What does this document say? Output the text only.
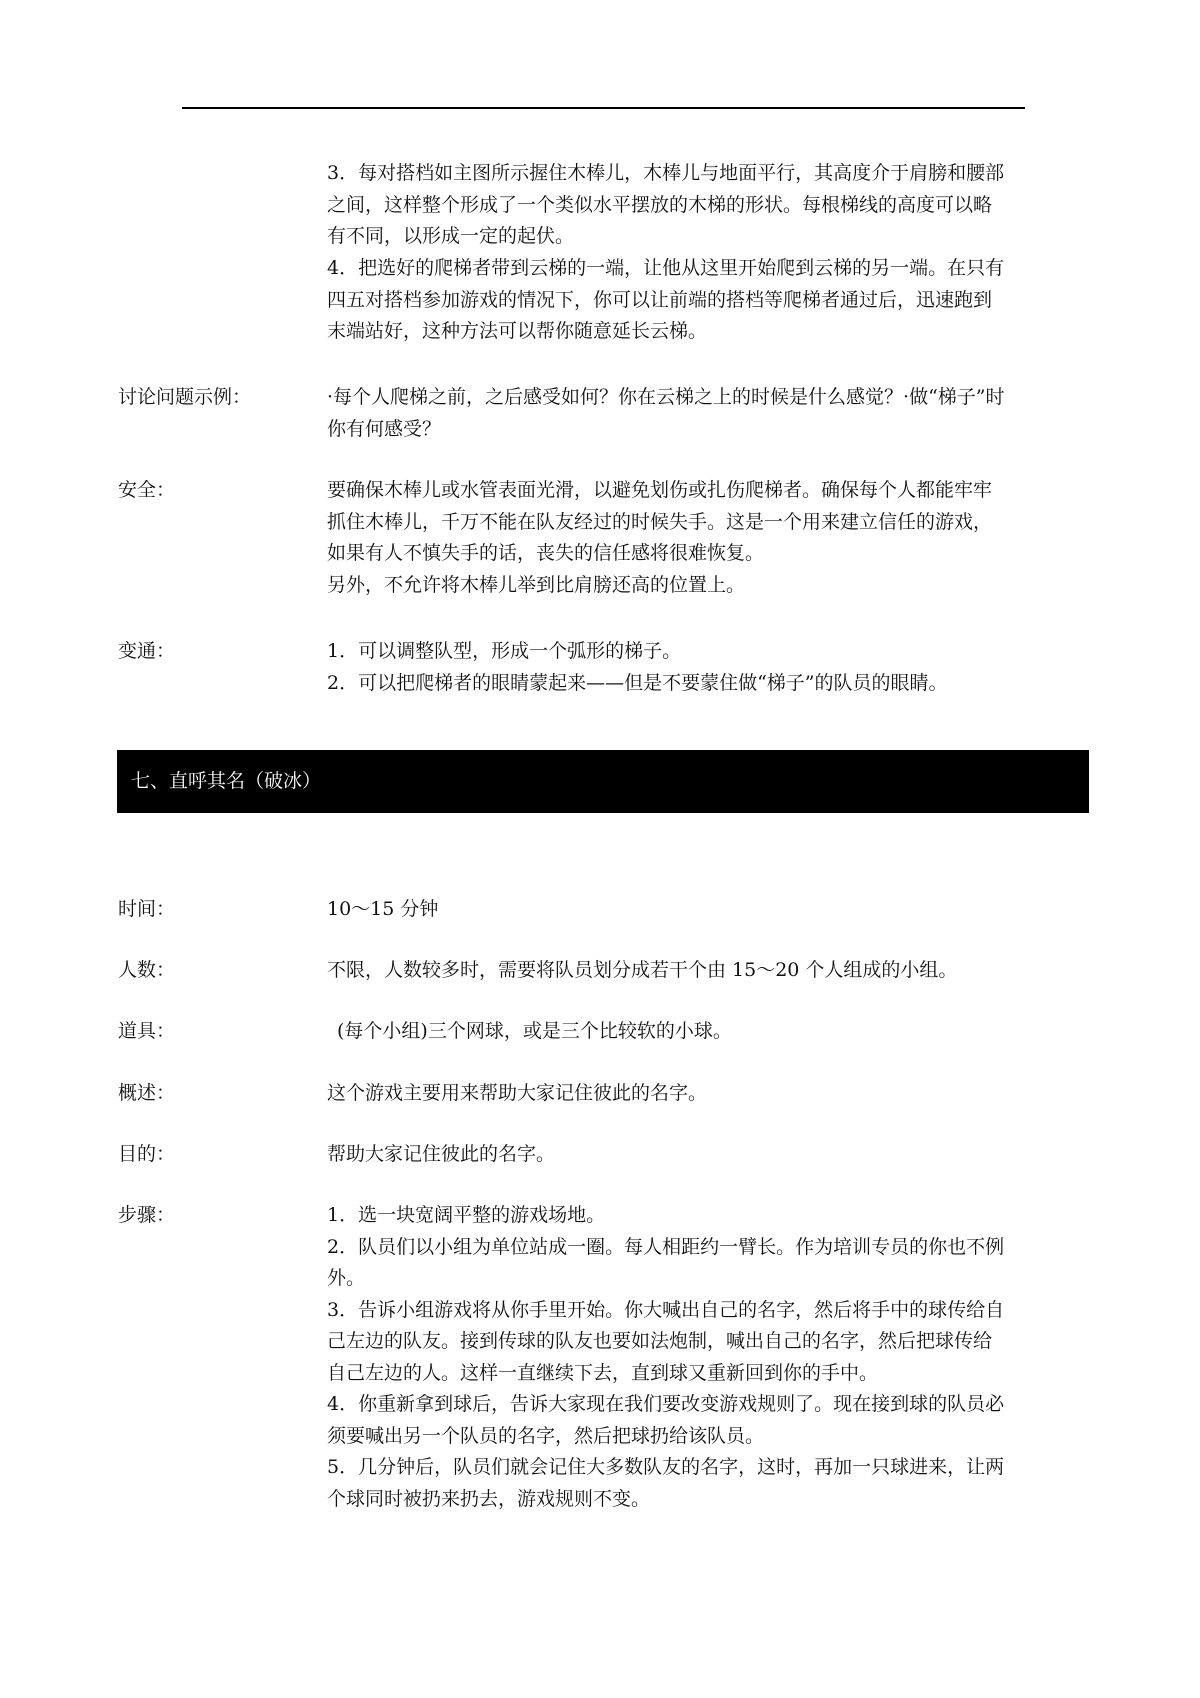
3．每对搭档如主图所示握住木棒儿，木棒儿与地面平行，其高度介于肩膀和腰部
之间，这样整个形成了一个类似水平摆放的木梯的形状。每根梯线的高度可以略
有不同，以形成一定的起伏。
4．把选好的爬梯者带到云梯的一端，让他从这里开始爬到云梯的另一端。在只有
四五对搭档参加游戏的情况下，你可以让前端的搭档等爬梯者通过后，迅速跑到
末端站好，这种方法可以帮你随意延长云梯。
讨论问题示例：	·每个人爬梯之前，之后感受如何？你在云梯之上的时候是什么感觉？·做“梯子”时
你有何感受？
安全：	要确保木棒儿或水管表面光滑，以避免划伤或扎伤爬梯者。确保每个人都能牢牢
抓住木棒儿，千万不能在队友经过的时候失手。这是一个用来建立信任的游戏，
如果有人不慎失手的话，丧失的信任感将很难恢复。
另外，不允许将木棒儿举到比肩膀还高的位置上。
变通：	1．可以调整队型，形成一个弧形的梯子。
2．可以把爬梯者的眼睛蒙起来——但是不要蒙住做“梯子”的队员的眼睛。
七、直呼其名（破冰）
时间：	10～15 分钟
人数：	不限，人数较多时，需要将队员划分成若干个由 15～20 个人组成的小组。
道具：	(每个小组)三个网球，或是三个比较软的小球。
概述：	这个游戏主要用来帮助大家记住彼此的名字。
目的：	帮助大家记住彼此的名字。
步骤：	1．选一块宽阔平整的游戏场地。
2．队员们以小组为单位站成一圈。每人相距约一臂长。作为培训专员的你也不例
外。
3．告诉小组游戏将从你手里开始。你大喊出自己的名字，然后将手中的球传给自
己左边的队友。接到传球的队友也要如法炮制，喊出自己的名字，然后把球传给
自己左边的人。这样一直继续下去，直到球又重新回到你的手中。
4．你重新拿到球后，告诉大家现在我们要改变游戏规则了。现在接到球的队员必
须要喊出另一个队员的名字，然后把球扔给该队员。
5．几分钟后，队员们就会记住大多数队友的名字，这时，再加一只球进来，让两
个球同时被扔来扔去，游戏规则不变。
